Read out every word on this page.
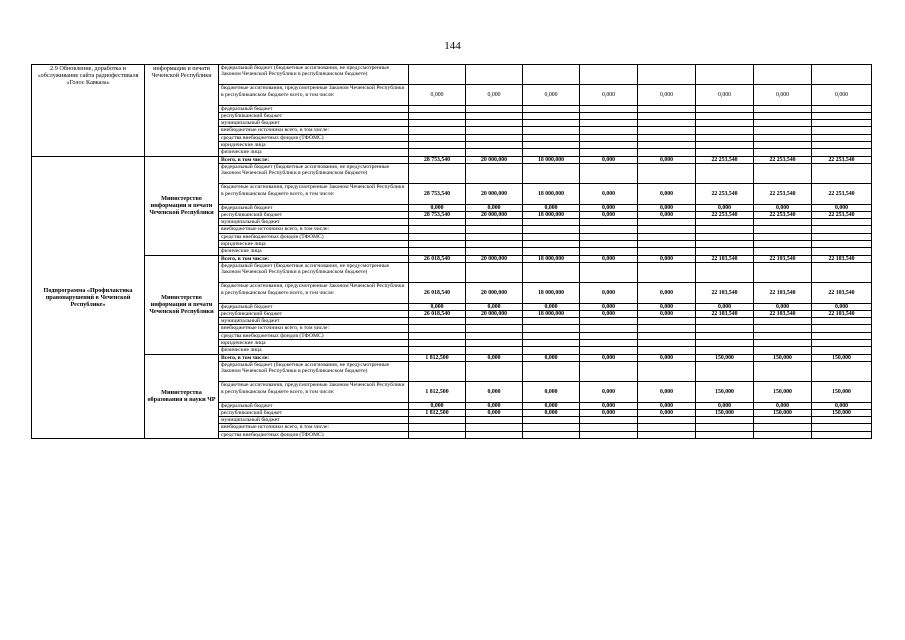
144
2.9 Обновление, доработка и «обслуживание сайта радиофестиваля «Голос Кавказа»	информация и печати Чеченской Республики	федеральный бюджет (бюджетные ассигнования, не предусмотренные Законом Чеченской Республики в республиканском бюджете)								
		бюджетные ассигнования, предусмотренные Законом Чеченской Республики в республиканском бюджете всего, в том числе:	0,000	0,000	0,000	0,000	0,000	0,000	0,000	0,000
		федеральный бюджет								
		республиканский бюджет								
		муниципальный бюджет								
		внебюджетные источники всего, в том числе:								
		средства внебюджетных фондов (ТФОМС)								
		юридические лица								
		физические лица								
Подпрограмма «Профилактика правонарушений в Чеченской Республике»	Министерство информации и печати Чеченской Республики	Всего, в том числе:	28 753,540	20 000,000	18 000,000	0,000	0,000	22 253,540	22 253,540	22 253,540
		федеральный бюджет (бюджетные ассигнования, не предусмотренные Законом Чеченской Республики в республиканском бюджете)								
		бюджетные ассигнования, предусмотренные Законом Чеченской Республики в республиканском бюджете всего, в том числе:	28 753,540	20 000,000	18 000,000	0,000	0,000	22 253,540	22 253,540	22 253,540
		федеральный бюджет	0,000	0,000	0,000	0,000	0,000	0,000	0,000	0,000
		республиканский бюджет	28 753,540	20 000,000	18 000,000	0,000	0,000	22 253,540	22 253,540	22 253,540
		муниципальный бюджет								
		внебюджетные источники всего, в том числе:								
		средства внебюджетных фондов (ТФОМС)								
		юридические лица								
		физические лица								
	Министерство информации и печати Чеченской Республики	Всего, в том числе:	26 018,540	20 000,000	18 000,000	0,000	0,000	22 103,540	22 103,540	22 103,540
		федеральный бюджет (бюджетные ассигнования, не предусмотренные Законом Чеченской Республики в республиканском бюджете)								
		бюджетные ассигнования, предусмотренные Законом Чеченской Республики в республиканском бюджете всего, в том числе:	26 018,540	20 000,000	18 000,000	0,000	0,000	22 103,540	22 103,540	22 103,540
		федеральный бюджет	0,000	0,000	0,000	0,000	0,000	0,000	0,000	0,000
		республиканский бюджет	26 018,540	20 000,000	18 000,000	0,000	0,000	22 103,540	22 103,540	22 103,540
		муниципальный бюджет								
		внебюджетные источники всего, в том числе:								
		средства внебюджетных фондов (ТФОМС)								
		юридические лица								
		физические лица								
	Министерства образования и науки ЧР	Всего, в том числе:	1 812,500	0,000	0,000	0,000	0,000	150,000	150,000	150,000
		федеральный бюджет (бюджетные ассигнования, не предусмотренные Законом Чеченской Республики в республиканском бюджете)								
		бюджетные ассигнования, предусмотренные Законом Чеченской Республики в республиканском бюджете всего, в том числе:	1 812,500	0,000	0,000	0,000	0,000	150,000	150,000	150,000
		федеральный бюджет	0,000	0,000	0,000	0,000	0,000	0,000	0,000	0,000
		республиканский бюджет	1 812,500	0,000	0,000	0,000	0,000	150,000	150,000	150,000
		муниципальный бюджет								
		внебюджетные источники всего, в том числе:								
		средства внебюджетных фондов (ТФОМС)								
